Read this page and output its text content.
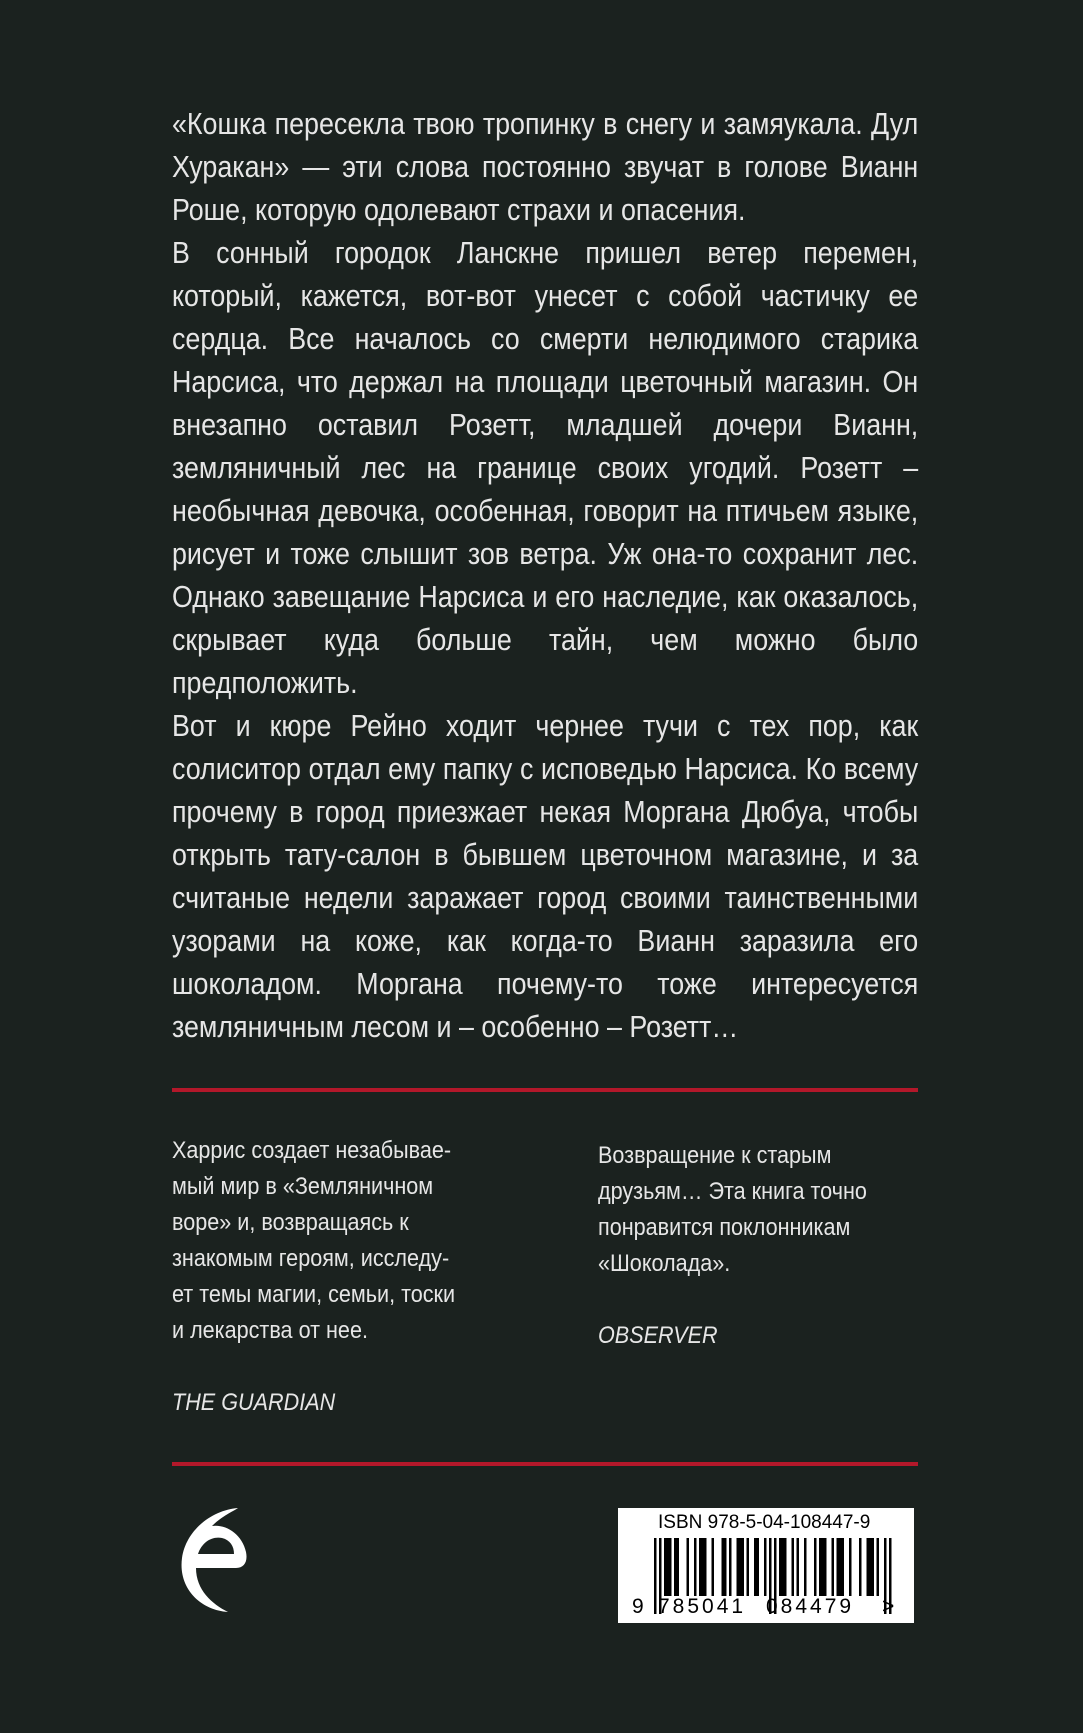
«Кошка пересекла твою тропинку в снегу и замяукала. Дул Хуракан» — эти слова постоянно звучат в голове Вианн Роше, которую одолевают страхи и опасения.

В сонный городок Ланскне пришел ветер перемен, который, кажется, вот-вот унесет с собой частичку ее сердца. Все началось со смерти нелюдимого старика Нарсиса, что держал на площади цветочный магазин. Он внезапно оставил Розетт, младшей дочери Вианн, земляничный лес на границе своих угодий. Розетт – необычная девочка, особенная, говорит на птичьем языке, рисует и тоже слышит зов ветра. Уж она-то сохранит лес. Однако завещание Нарсиса и его наследие, как оказалось, скрывает куда больше тайн, чем можно было предположить.

Вот и кюре Рейно ходит чернее тучи с тех пор, как солиситор отдал ему папку с исповедью Нарсиса. Ко всему прочему в город приезжает некая Моргана Дюбуа, чтобы открыть тату-салон в бывшем цветочном магазине, и за считаные недели заражает город своими таинственными узорами на коже, как когда-то Вианн заразила его шоколадом. Моргана почему-то тоже интересуется земляничным лесом и – особенно – Розетт…

Харрис создает незабывае-
мый мир в «Земляничном
воре» и, возвращаясь к
знакомым героям, исследу-
ет темы магии, семьи, тоски
и лекарства от нее.
THE GUARDIAN
Возвращение к старым
друзьям… Эта книга точно
понравится поклонникам
«Шоколада».
OBSERVER
ISBN 978-5-04-108447-9
9 785041 084479 >
